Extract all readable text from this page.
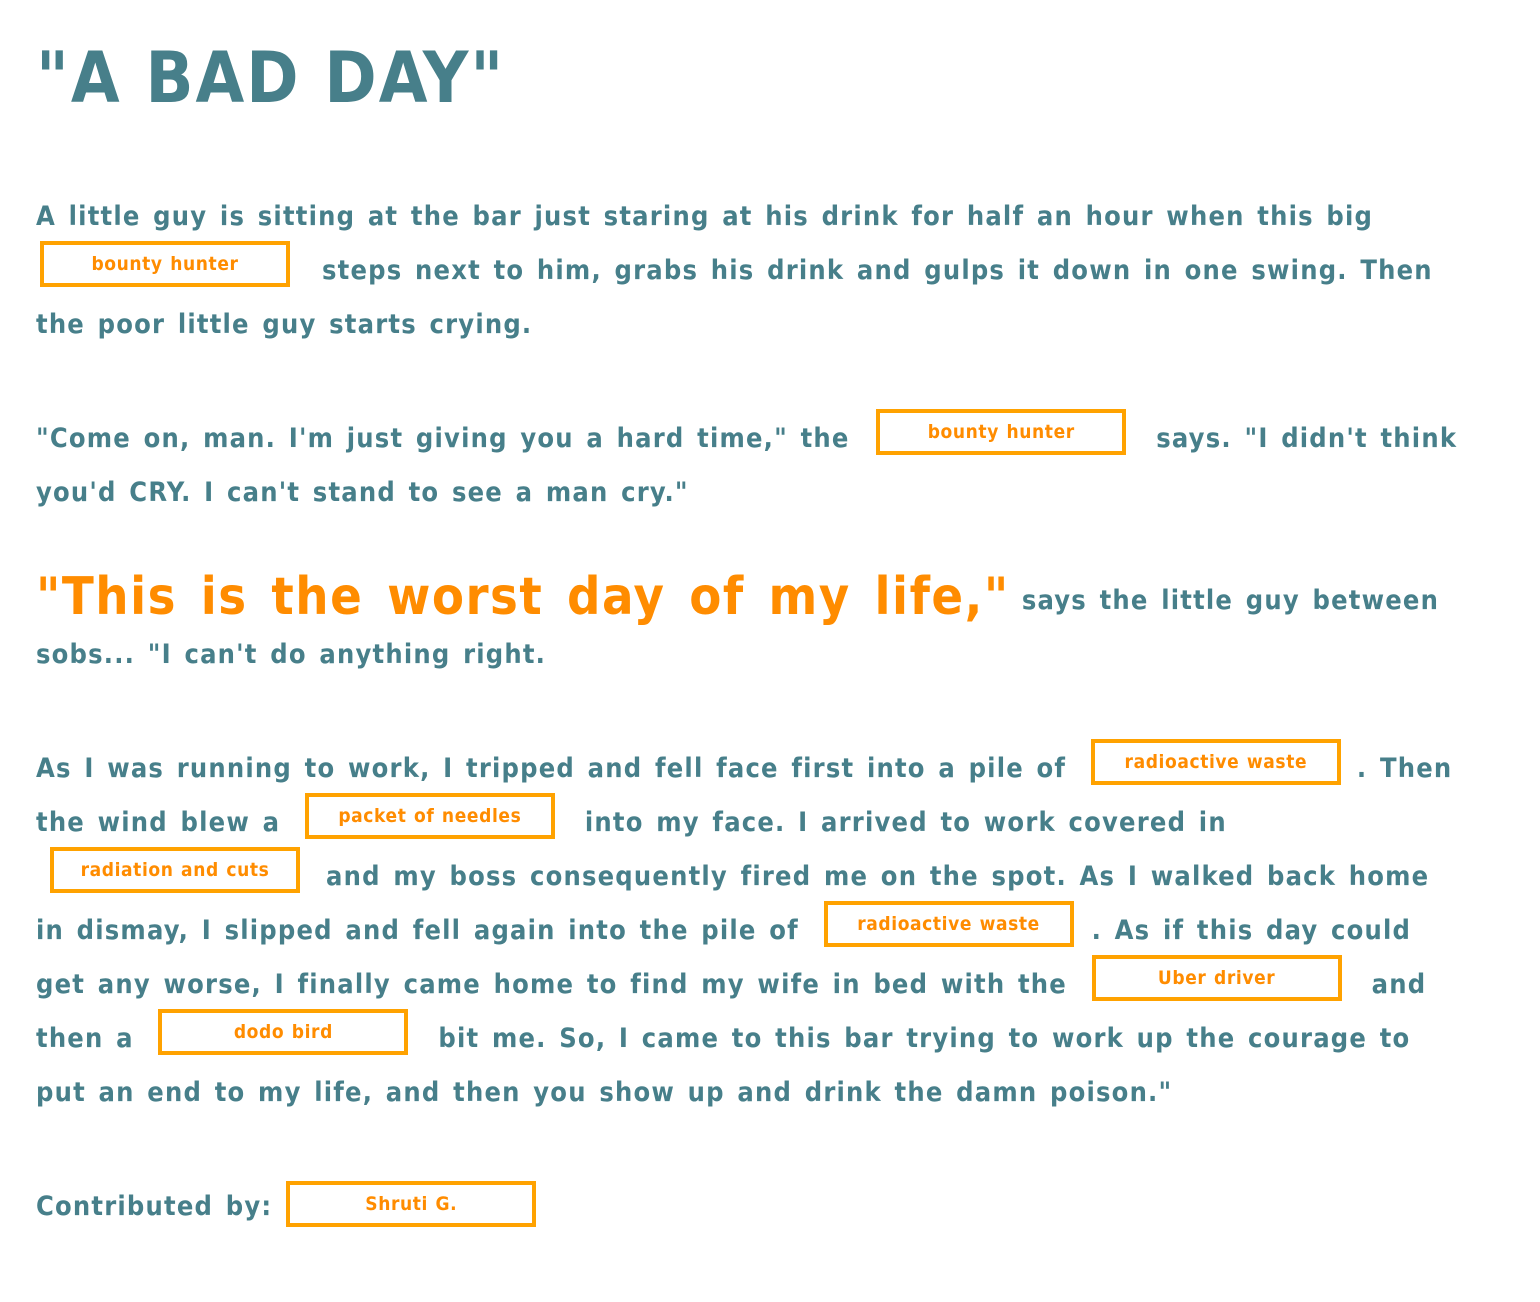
"A BAD DAY"

A little guy is sitting at the bar just staring at his drink for half an hour when this big
bounty hunter	steps next to him, grabs his drink and gulps it down in one swing. Then the poor little guy starts crying.

"Come on, man. I'm just giving you a hard time," the	bounty hunter	says. "I didn't think you'd CRY. I can't stand to see a man cry."

"This is the worst day of my life," says the little guy between sobs... "I can't do anything right.

As I was running to work, I tripped and fell face first into a pile of	radioactive waste . Then the wind blew a	packet of needles into my face. I arrived to work covered in radiation and cuts and my boss consequently fired me on the spot. As I walked back home in dismay, I slipped and fell again into the pile of	radioactive waste . As if this day could get any worse, I finally came home to find my wife in bed with the	Uber driver	and then a	dodo bird	bit me. So, I came to this bar trying to work up the courage to put an end to my life, and then you show up and drink the damn poison."

Contributed by:	Shruti G.
